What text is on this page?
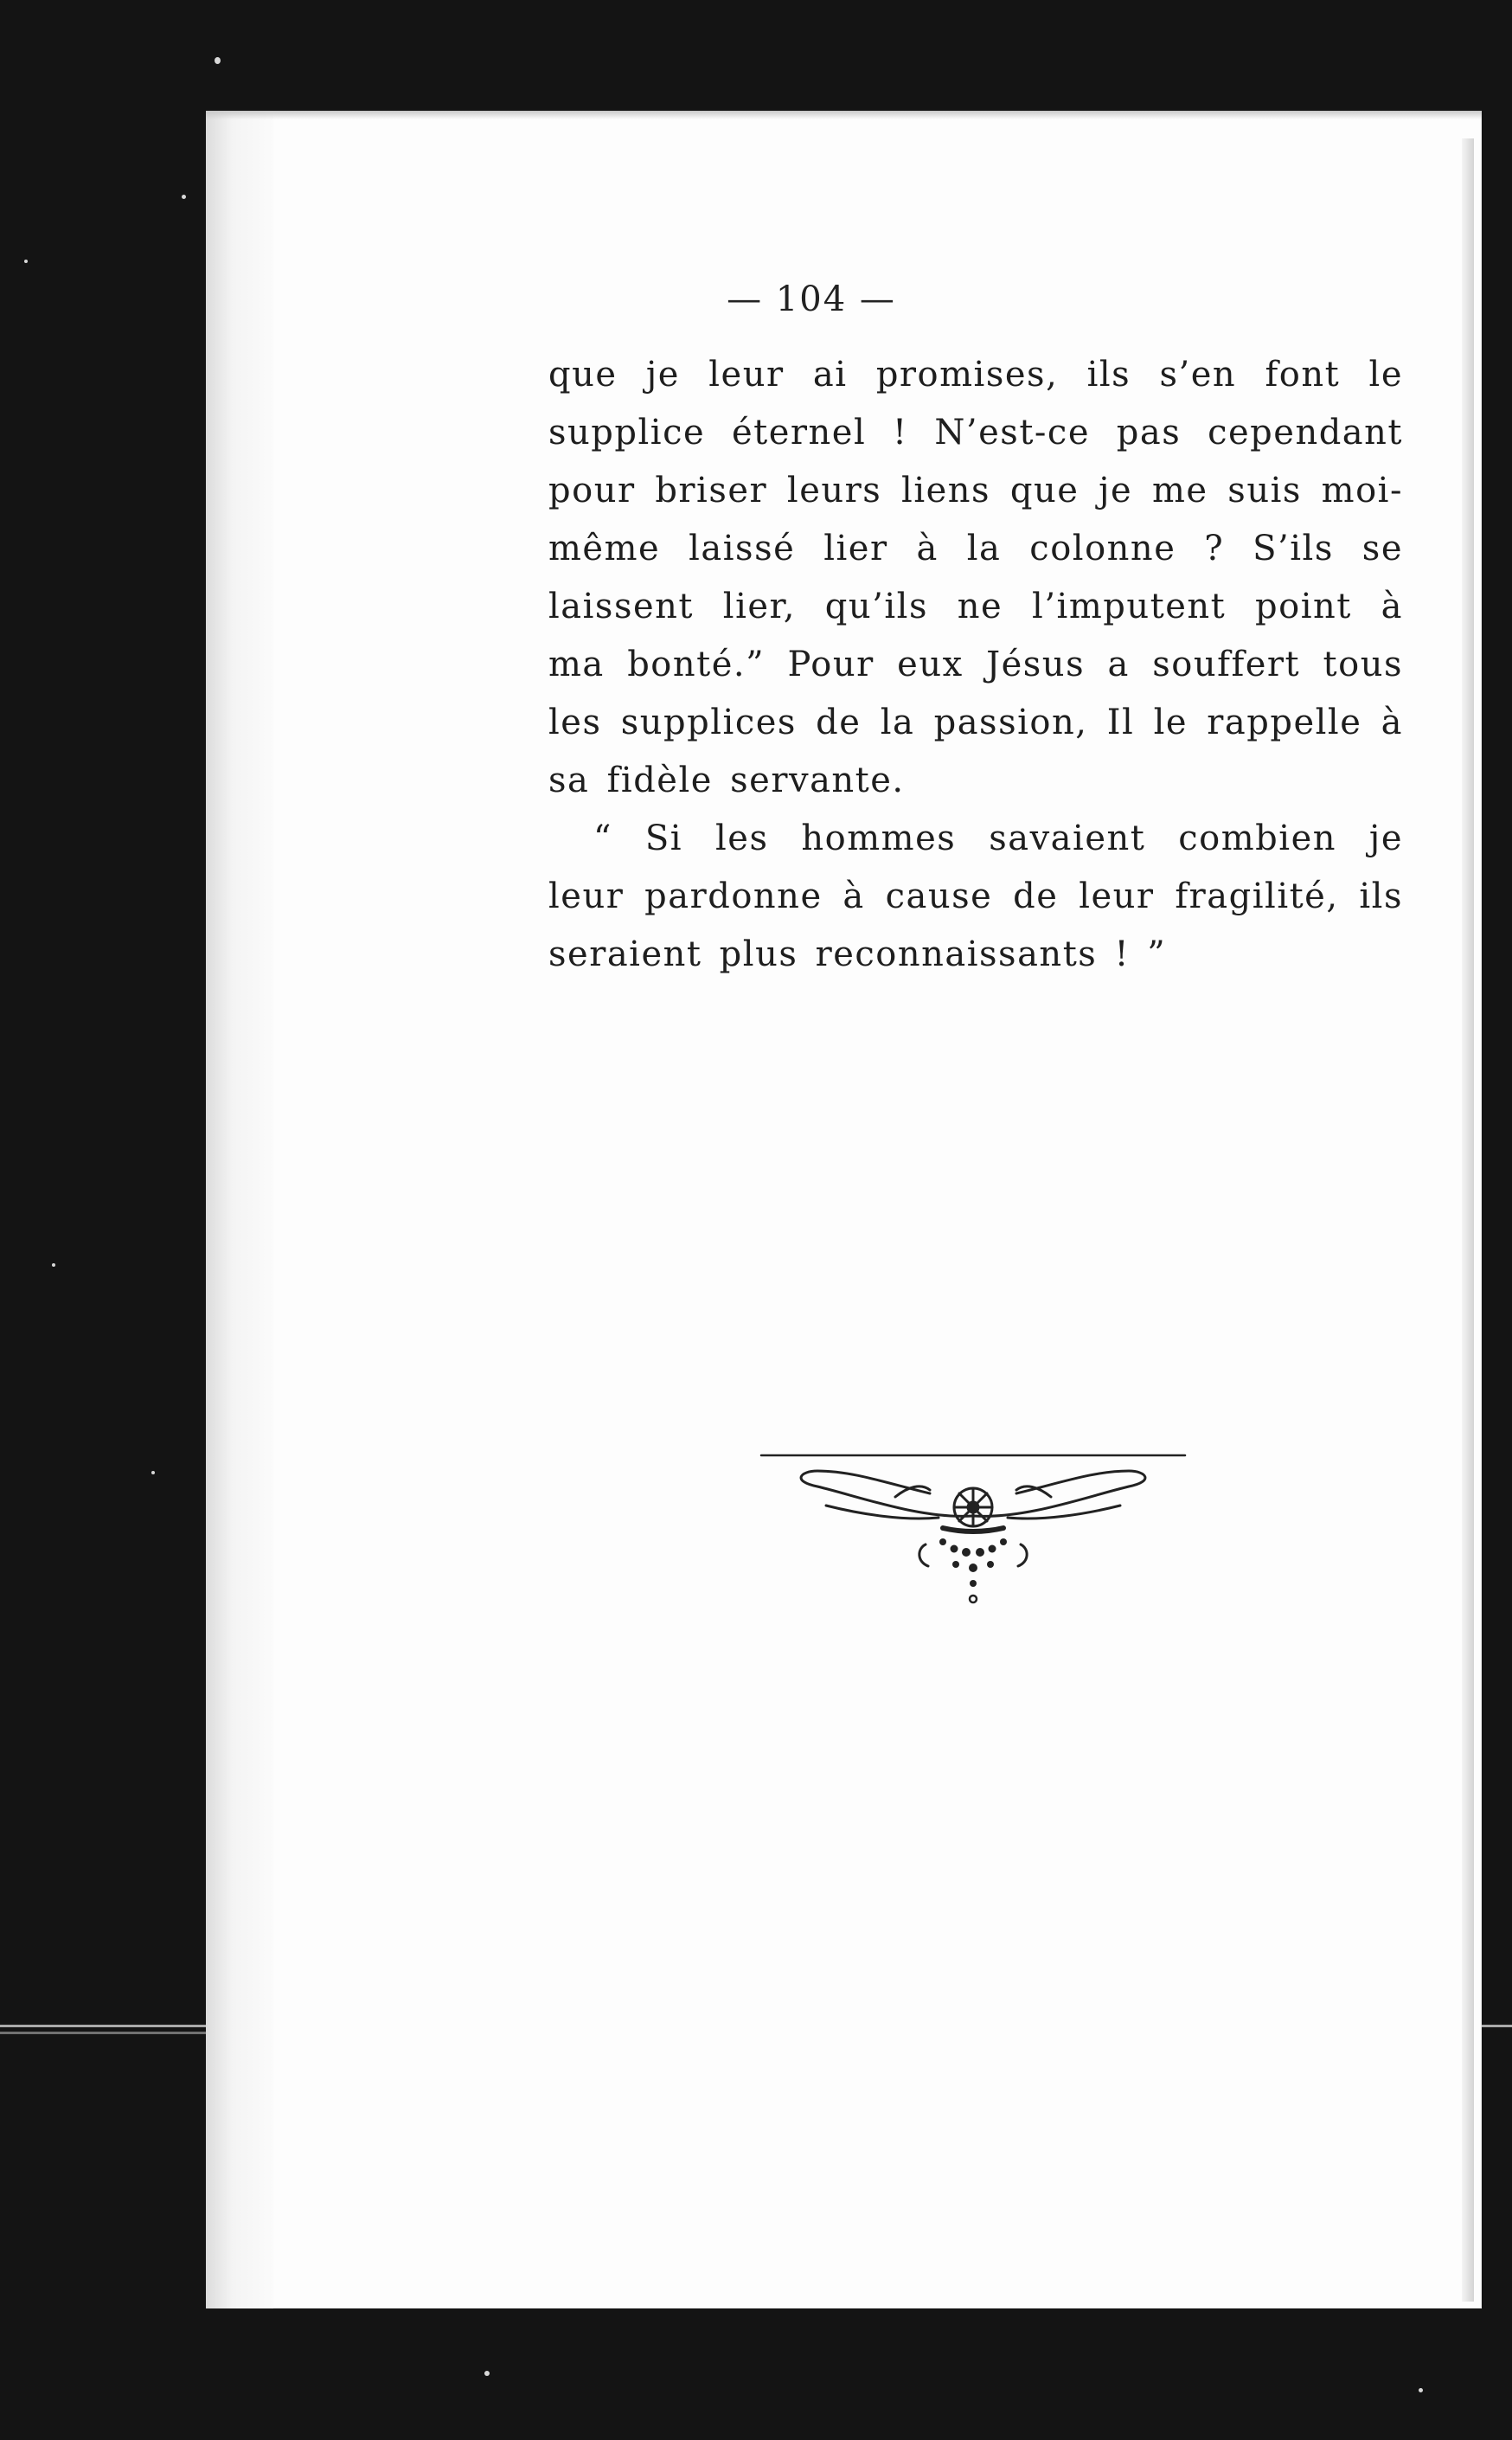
— 104 —

que je leur ai promises, ils s’en font le supplice éternel ! N’est-ce pas cependant pour briser leurs liens que je me suis moi-même laissé lier à la colonne ? S’ils se laissent lier, qu’ils ne l’imputent point à ma bonté.” Pour eux Jésus a souffert tous les supplices de la passion, Il le rappelle à sa fidèle servante.

“ Si les hommes savaient combien je leur pardonne à cause de leur fragilité, ils seraient plus reconnaissants ! ”
